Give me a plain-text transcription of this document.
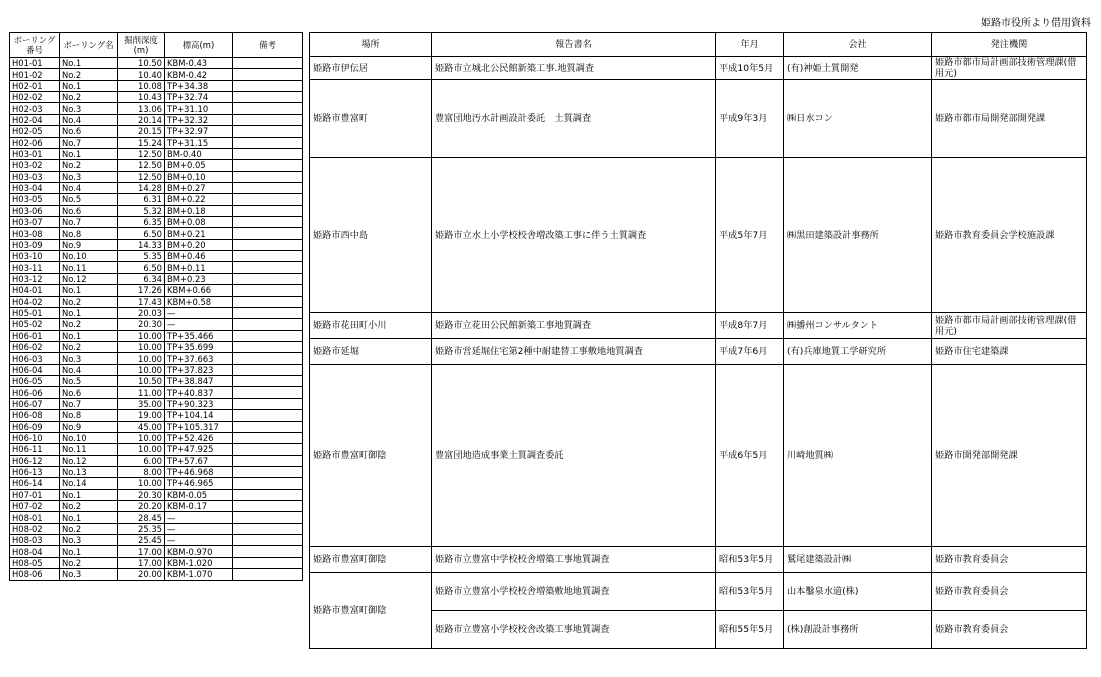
姫路市役所より借用資料
ボーリング番号	ボーリング名	掘削深度(m)	標高(m)	備考
H01-01	No.1	10.50	KBM-0.43	
H01-02	No.2	10.40	KBM-0.42	
H02-01	No.1	10.08	TP+34.38	
H02-02	No.2	10.43	TP+32.74	
H02-03	No.3	13.06	TP+31.10	
H02-04	No.4	20.14	TP+32.32	
H02-05	No.6	20.15	TP+32.97	
H02-06	No.7	15.24	TP+31.15	
H03-01	No.1	12.50	BM-0.40	
H03-02	No.2	12.50	BM+0.05	
H03-03	No.3	12.50	BM+0.10	
H03-04	No.4	14.28	BM+0.27	
H03-05	No.5	6.31	BM+0.22	
H03-06	No.6	5.32	BM+0.18	
H03-07	No.7	6.35	BM+0.08	
H03-08	No.8	6.50	BM+0.21	
H03-09	No.9	14.33	BM+0.20	
H03-10	No.10	5.35	BM+0.46	
H03-11	No.11	6.50	BM+0.11	
H03-12	No.12	6.34	BM+0.23	
H04-01	No.1	17.26	KBM+0.66	
H04-02	No.2	17.43	KBM+0.58	
H05-01	No.1	20.03	—	
H05-02	No.2	20.30	—	
H06-01	No.1	10.00	TP+35.466	
H06-02	No.2	10.00	TP+35.699	
H06-03	No.3	10.00	TP+37.663	
H06-04	No.4	10.00	TP+37.823	
H06-05	No.5	10.50	TP+38.847	
H06-06	No.6	11.00	TP+40.837	
H06-07	No.7	35.00	TP+90.323	
H06-08	No.8	19.00	TP+104.14	
H06-09	No.9	45.00	TP+105.317	
H06-10	No.10	10.00	TP+52.426	
H06-11	No.11	10.00	TP+47.925	
H06-12	No.12	6.00	TP+57.67	
H06-13	No.13	8.00	TP+46.968	
H06-14	No.14	10.00	TP+46.965	
H07-01	No.1	20.30	KBM-0.05	
H07-02	No.2	20.20	KBM-0.17	
H08-01	No.1	28.45	—	
H08-02	No.2	25.35	—	
H08-03	No.3	25.45	—	
H08-04	No.1	17.00	KBM-0.970	
H08-05	No.2	17.00	KBM-1.020	
H08-06	No.3	20.00	KBM-1.070	
場所	報告書名	年月	会社	発注機関
姫路市伊伝居	姫路市立城北公民館新築工事.地質調査	平成10年5月	(有)神姫土質開発	姫路市都市局計画部技術管理課(借用元)
姫路市豊富町	豊富団地汚水計画設計委託　土質調査	平成9年3月	㈱日水コン	姫路市都市局開発部開発課
姫路市西中島	姫路市立水上小学校校舎増改築工事に伴う土質調査	平成5年7月	㈱黒田建築設計事務所	姫路市教育委員会学校施設課
姫路市花田町小川	姫路市立花田公民館新築工事地質調査	平成8年7月	㈱播州コンサルタント	姫路市都市局計画部技術管理課(借用元)
姫路市延堀	姫路市営延堀住宅第2種中耐建替工事敷地地質調査	平成7年6月	(有)兵庫地質工学研究所	姫路市住宅建築課
姫路市豊富町御陰	豊富団地造成事業土質調査委託	平成6年5月	川崎地質㈱	姫路市開発部開発課
姫路市豊富町御陰	姫路市立豊富中学校校舎増築工事地質調査	昭和53年5月	鷲尾建築設計㈱	姫路市教育委員会
姫路市豊富町御陰	姫路市立豊富小学校校舎増築敷地地質調査	昭和53年5月	山本鑿泉水道(株)	姫路市教育委員会
	姫路市立豊富小学校校舎改築工事地質調査	昭和55年5月	(株)創設計事務所	姫路市教育委員会
